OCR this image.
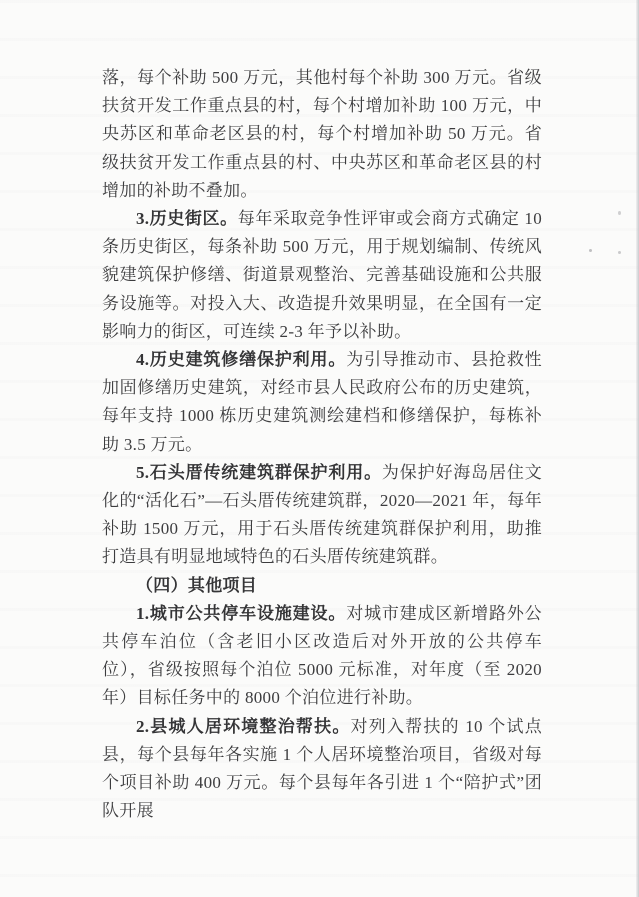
落，每个补助 500 万元，其他村每个补助 300 万元。省级扶贫开发工作重点县的村，每个村增加补助 100 万元，中央苏区和革命老区县的村，每个村增加补助 50 万元。省级扶贫开发工作重点县的村、中央苏区和革命老区县的村增加的补助不叠加。

3.历史街区。每年采取竞争性评审或会商方式确定 10 条历史街区，每条补助 500 万元，用于规划编制、传统风貌建筑保护修缮、街道景观整治、完善基础设施和公共服务设施等。对投入大、改造提升效果明显，在全国有一定影响力的街区，可连续 2-3 年予以补助。

4.历史建筑修缮保护利用。为引导推动市、县抢救性加固修缮历史建筑，对经市县人民政府公布的历史建筑，每年支持 1000 栋历史建筑测绘建档和修缮保护，每栋补助 3.5 万元。

5.石头厝传统建筑群保护利用。为保护好海岛居住文化的“活化石”—石头厝传统建筑群，2020—2021 年，每年补助 1500 万元，用于石头厝传统建筑群保护利用，助推打造具有明显地域特色的石头厝传统建筑群。

（四）其他项目

1.城市公共停车设施建设。对城市建成区新增路外公共停车泊位（含老旧小区改造后对外开放的公共停车位），省级按照每个泊位 5000 元标准，对年度（至 2020 年）目标任务中的 8000 个泊位进行补助。

2.县城人居环境整治帮扶。对列入帮扶的 10 个试点县，每个县每年各实施 1 个人居环境整治项目，省级对每个项目补助 400 万元。每个县每年各引进 1 个“陪护式”团队开展
